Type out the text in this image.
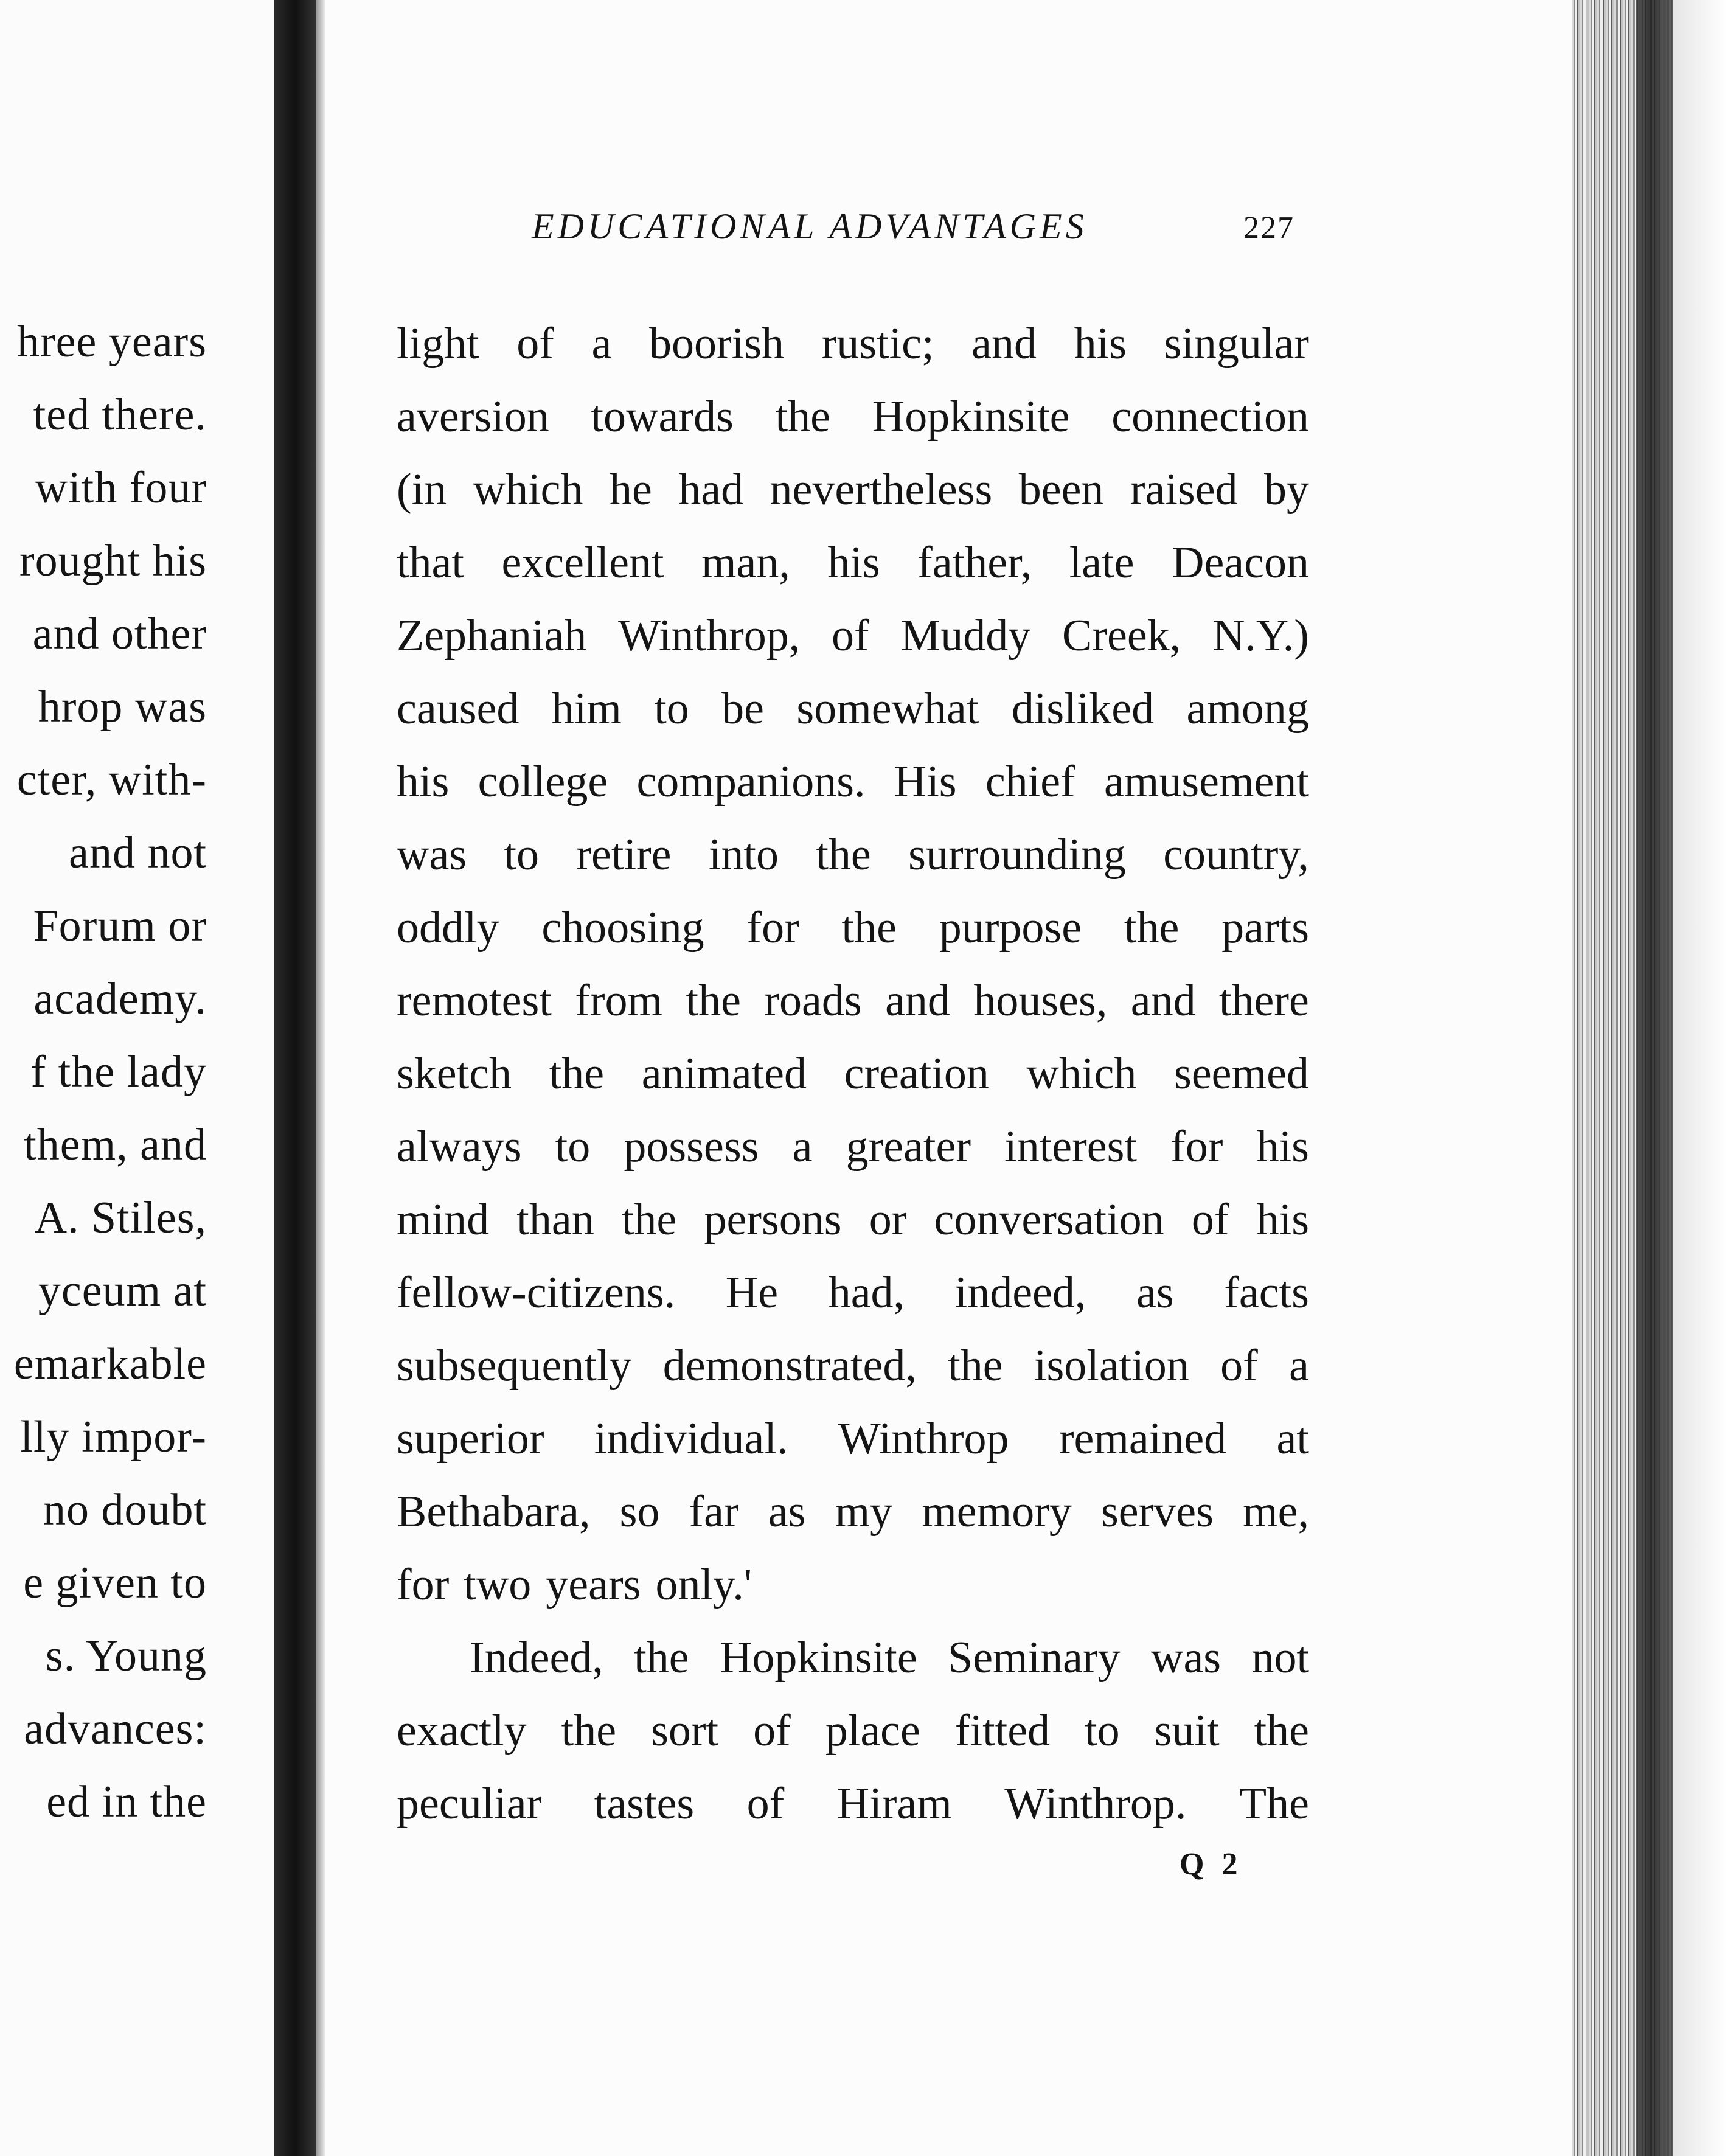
hree years
ted there.
with four
rought his
and other
hrop was
cter, with-
and not
Forum or
academy.
f the lady
them, and
A. Stiles,
yceum at
emarkable
lly impor-
no doubt
e given to
s. Young
advances:
ed in the
EDUCATIONAL ADVANTAGES	227
light of a boorish rustic; and his singular
aversion towards the Hopkinsite connection
(in which he had nevertheless been raised by
that excellent man, his father, late Deacon
Zephaniah Winthrop, of Muddy Creek, N.Y.)
caused him to be somewhat disliked among
his college companions. His chief amusement
was to retire into the surrounding country,
oddly choosing for the purpose the parts
remotest from the roads and houses, and there
sketch the animated creation which seemed
always to possess a greater interest for his
mind than the persons or conversation of his
fellow-citizens. He had, indeed, as facts
subsequently demonstrated, the isolation of a
superior individual. Winthrop remained at
Bethabara, so far as my memory serves me,
for two years only.'
Indeed, the Hopkinsite Seminary was not
exactly the sort of place fitted to suit the
peculiar tastes of Hiram Winthrop. The
Q 2
